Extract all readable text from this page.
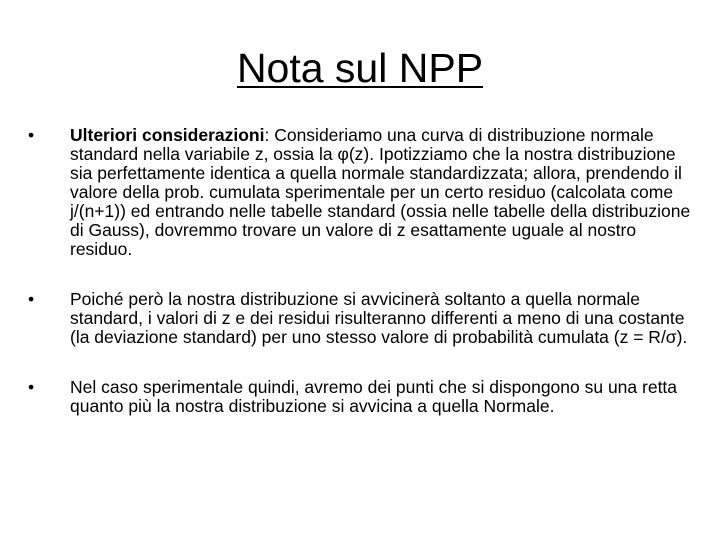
Nota sul NPP
•	Ulteriori considerazioni: Consideriamo una curva di distribuzione normale standard nella variabile z, ossia la φ(z). Ipotizziamo che la nostra distribuzione sia perfettamente identica a quella normale standardizzata; allora, prendendo il valore della prob. cumulata sperimentale per un certo residuo (calcolata come j/(n+1)) ed entrando nelle tabelle standard (ossia nelle tabelle della distribuzione di Gauss), dovremmo trovare un valore di z esattamente uguale al nostro residuo.
•	Poiché però la nostra distribuzione si avvicinerà soltanto a quella normale standard, i valori di z e dei residui risulteranno differenti a meno di una costante (la deviazione standard) per uno stesso valore di probabilità cumulata (z = R/σ).
•	Nel caso sperimentale quindi, avremo dei punti che si dispongono su una retta quanto più la nostra distribuzione si avvicina a quella Normale.
